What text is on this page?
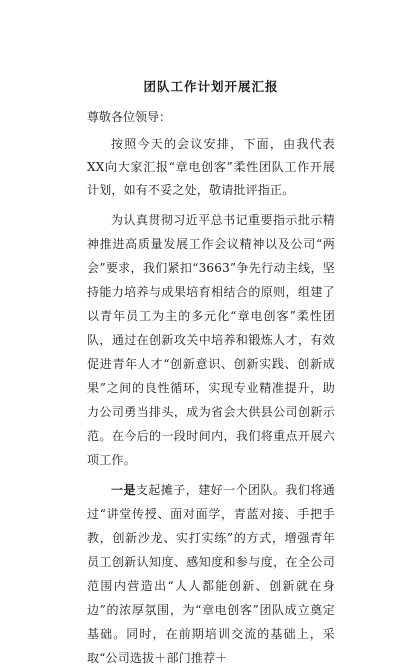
团队工作计划开展汇报
尊敬各位领导：

按照今天的会议安排，下面，由我代表XX向大家汇报“章电创客”柔性团队工作开展计划，如有不妥之处，敬请批评指正。

为认真贯彻习近平总书记重要指示批示精神推进高质量发展工作会议精神以及公司“两会”要求，我们紧扣“3663”争先行动主线，坚持能力培养与成果培育相结合的原则，组建了以青年员工为主的多元化“章电创客”柔性团队，通过在创新攻关中培养和锻炼人才，有效促进青年人才“创新意识、创新实践、创新成果”之间的良性循环，实现专业精准提升，助力公司勇当排头，成为省会大供县公司创新示范。在今后的一段时间内，我们将重点开展六项工作。

一是支起摊子，建好一个团队。我们将通过“讲堂传授、面对面学，青蓝对接、手把手教，创新沙龙、实打实练”的方式，增强青年员工创新认知度、感知度和参与度，在全公司范围内营造出“人人都能创新、创新就在身边”的浓厚氛围，为“章电创客”团队成立奠定基础。同时，在前期培训交流的基础上，采取“公司选拔＋部门推荐＋
